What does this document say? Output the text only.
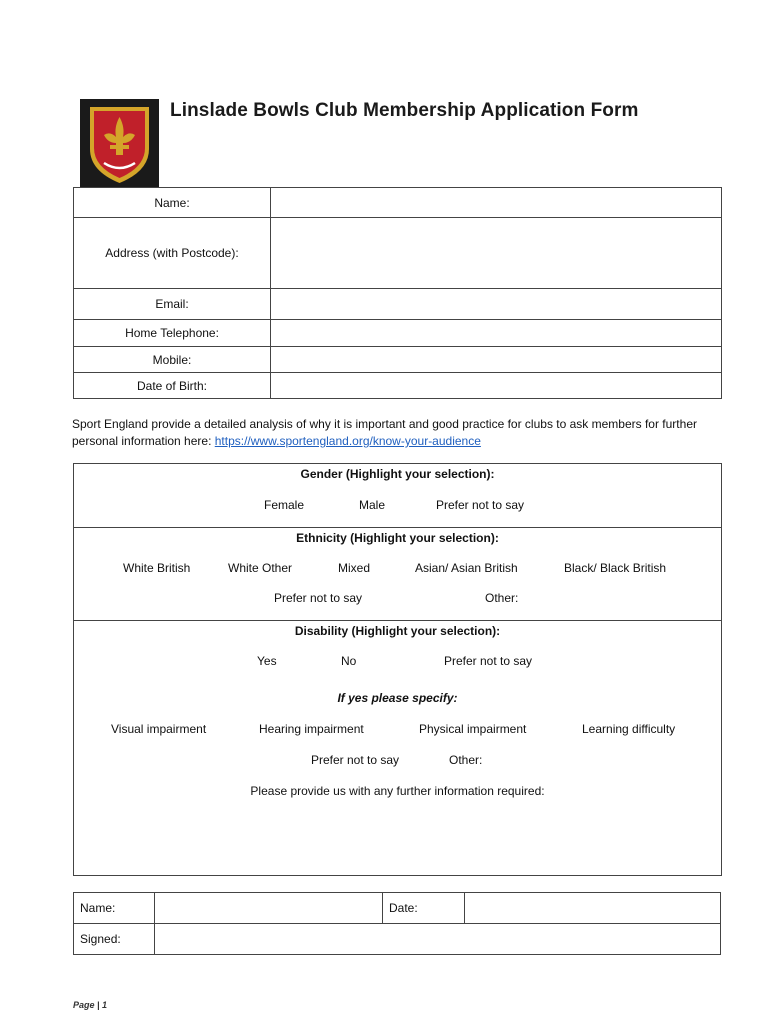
Linslade Bowls Club Membership Application Form
Name:	
Address (with Postcode):	
Email:	
Home Telephone:	
Mobile:	
Date of Birth:	
Sport England provide a detailed analysis of why it is important and good practice for clubs to ask members for further personal information here: https://www.sportengland.org/know-your-audience
Gender (Highlight your selection):
Female	Male	Prefer not to say
Ethnicity (Highlight your selection):
White British	White Other	Mixed	Asian/ Asian British	Black/ Black British
Prefer not to say	Other:
Disability (Highlight your selection):
Yes	No	Prefer not to say
If yes please specify:
Visual impairment	Hearing impairment	Physical impairment	Learning difficulty
Prefer not to say	Other:
Please provide us with any further information required:
Name:		Date:	
Signed:			
Page | 1
